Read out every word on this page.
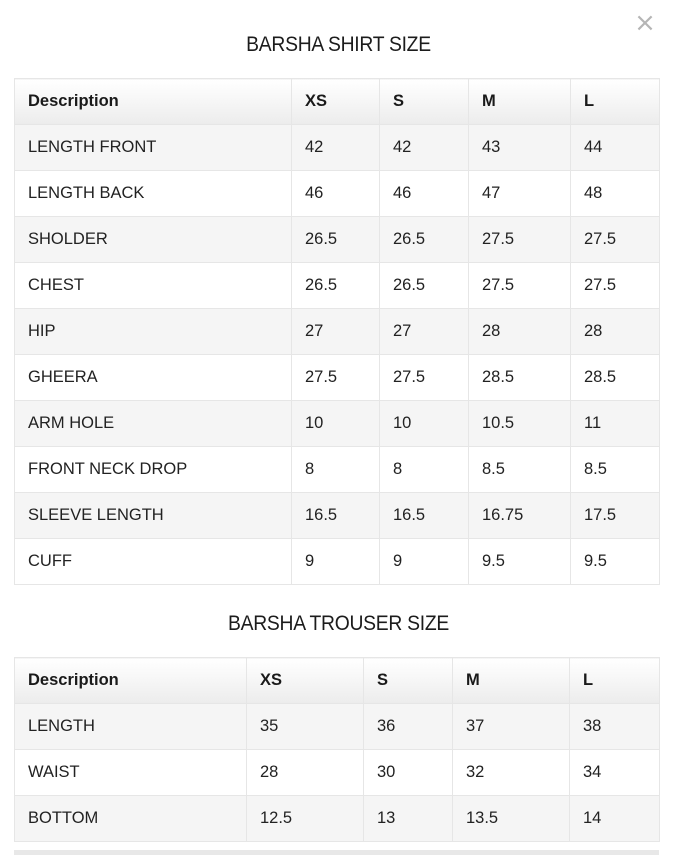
×
BARSHA SHIRT SIZE
Description	XS	S	M	L
LENGTH FRONT	42	42	43	44
LENGTH BACK	46	46	47	48
SHOLDER	26.5	26.5	27.5	27.5
CHEST	26.5	26.5	27.5	27.5
HIP	27	27	28	28
GHEERA	27.5	27.5	28.5	28.5
ARM HOLE	10	10	10.5	11
FRONT NECK DROP	8	8	8.5	8.5
SLEEVE LENGTH	16.5	16.5	16.75	17.5
CUFF	9	9	9.5	9.5
BARSHA TROUSER SIZE
Description	XS	S	M	L
LENGTH	35	36	37	38
WAIST	28	30	32	34
BOTTOM	12.5	13	13.5	14
